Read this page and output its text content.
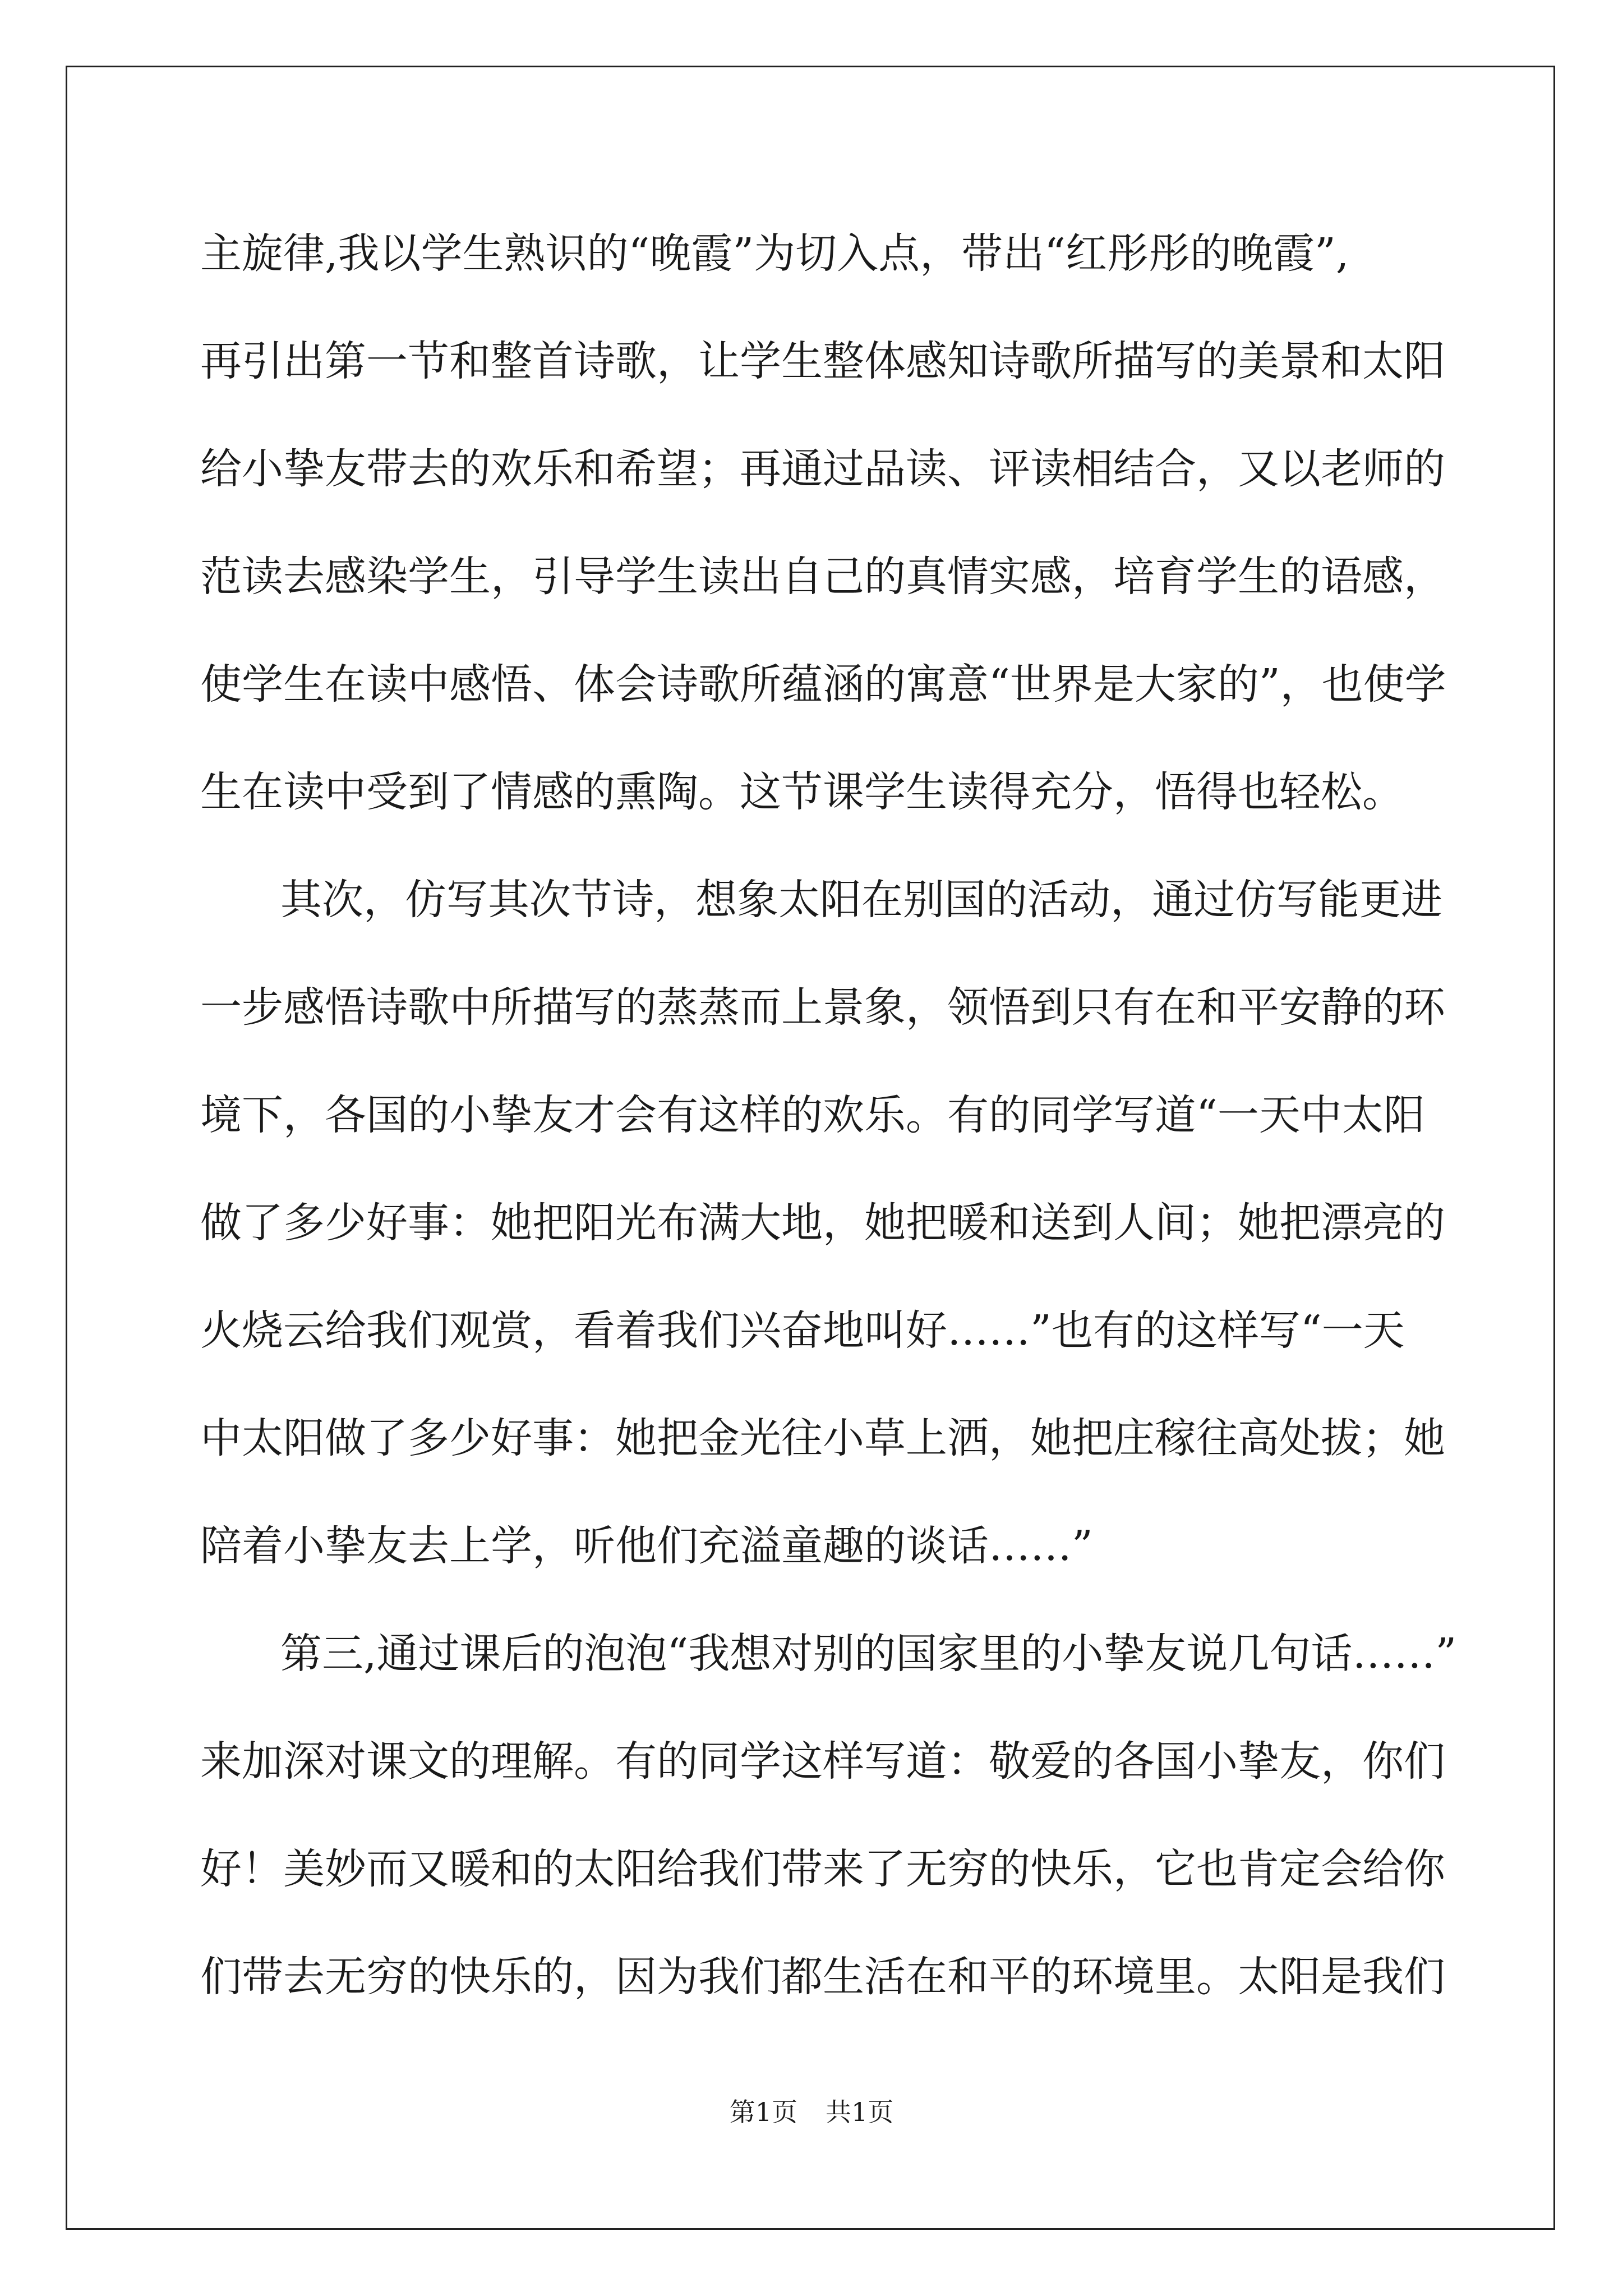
主旋律,我以学生熟识的“晚霞”为切入点，带出“红彤彤的晚霞”,
再引出第一节和整首诗歌，让学生整体感知诗歌所描写的美景和太阳
给小挚友带去的欢乐和希望；再通过品读、评读相结合，又以老师的
范读去感染学生，引导学生读出自己的真情实感，培育学生的语感，
使学生在读中感悟、体会诗歌所蕴涵的寓意“世界是大家的”，也使学
生在读中受到了情感的熏陶。这节课学生读得充分，悟得也轻松。
其次，仿写其次节诗，想象太阳在别国的活动，通过仿写能更进
一步感悟诗歌中所描写的蒸蒸而上景象，领悟到只有在和平安静的环
境下，各国的小挚友才会有这样的欢乐。有的同学写道“一天中太阳
做了多少好事：她把阳光布满大地，她把暖和送到人间；她把漂亮的
火烧云给我们观赏，看着我们兴奋地叫好……”也有的这样写“一天
中太阳做了多少好事：她把金光往小草上洒，她把庄稼往高处拔；她
陪着小挚友去上学，听他们充溢童趣的谈话……”
第三,通过课后的泡泡“我想对别的国家里的小挚友说几句话……”
来加深对课文的理解。有的同学这样写道：敬爱的各国小挚友，你们
好！美妙而又暖和的太阳给我们带来了无穷的快乐，它也肯定会给你
们带去无穷的快乐的，因为我们都生活在和平的环境里。太阳是我们
第1页 共1页
